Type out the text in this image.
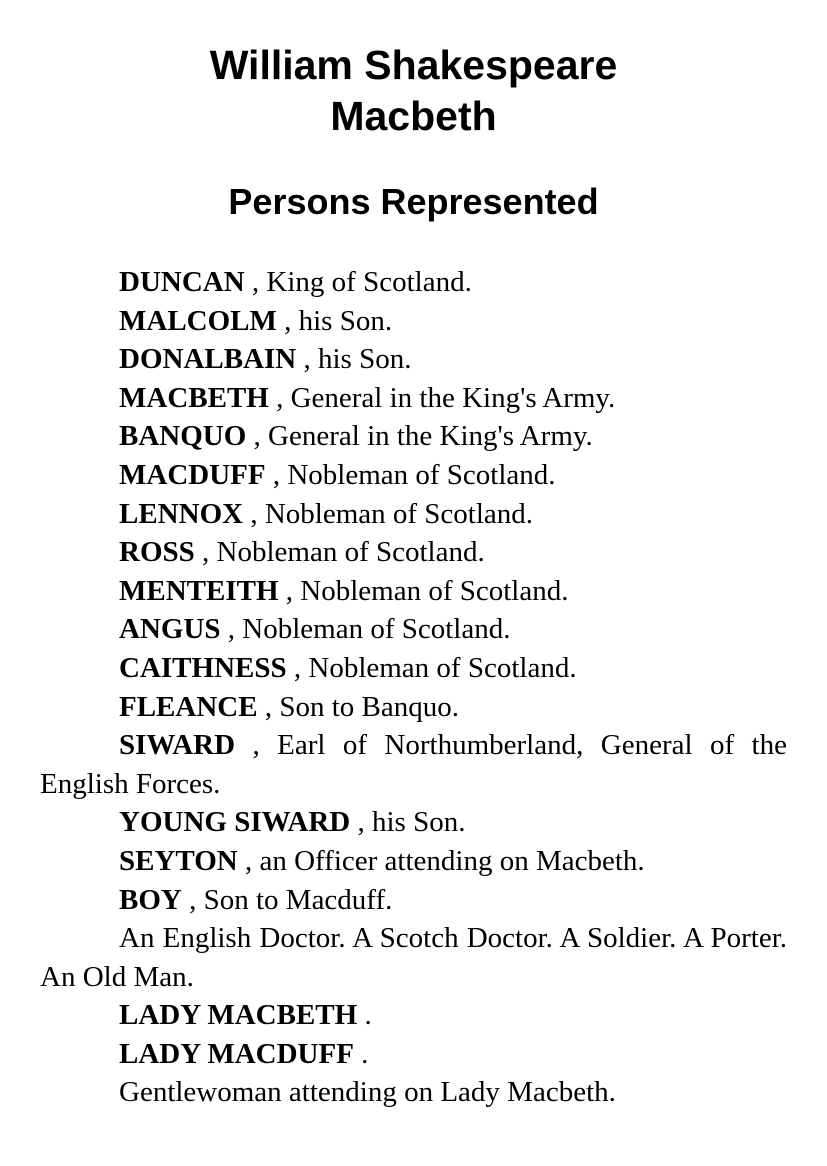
William Shakespeare
Macbeth
Persons Represented

DUNCAN , King of Scotland.

MALCOLM , his Son.

DONALBAIN , his Son.

MACBETH , General in the King's Army.

BANQUO , General in the King's Army.

MACDUFF , Nobleman of Scotland.

LENNOX , Nobleman of Scotland.

ROSS , Nobleman of Scotland.

MENTEITH , Nobleman of Scotland.

ANGUS , Nobleman of Scotland.

CAITHNESS , Nobleman of Scotland.

FLEANCE , Son to Banquo.

SIWARD , Earl of Northumberland, General of the English Forces.

YOUNG SIWARD , his Son.

SEYTON , an Officer attending on Macbeth.

BOY , Son to Macduff.

An English Doctor. A Scotch Doctor. A Soldier. A Porter. An Old Man.

LADY MACBETH .

LADY MACDUFF .

Gentlewoman attending on Lady Macbeth.
